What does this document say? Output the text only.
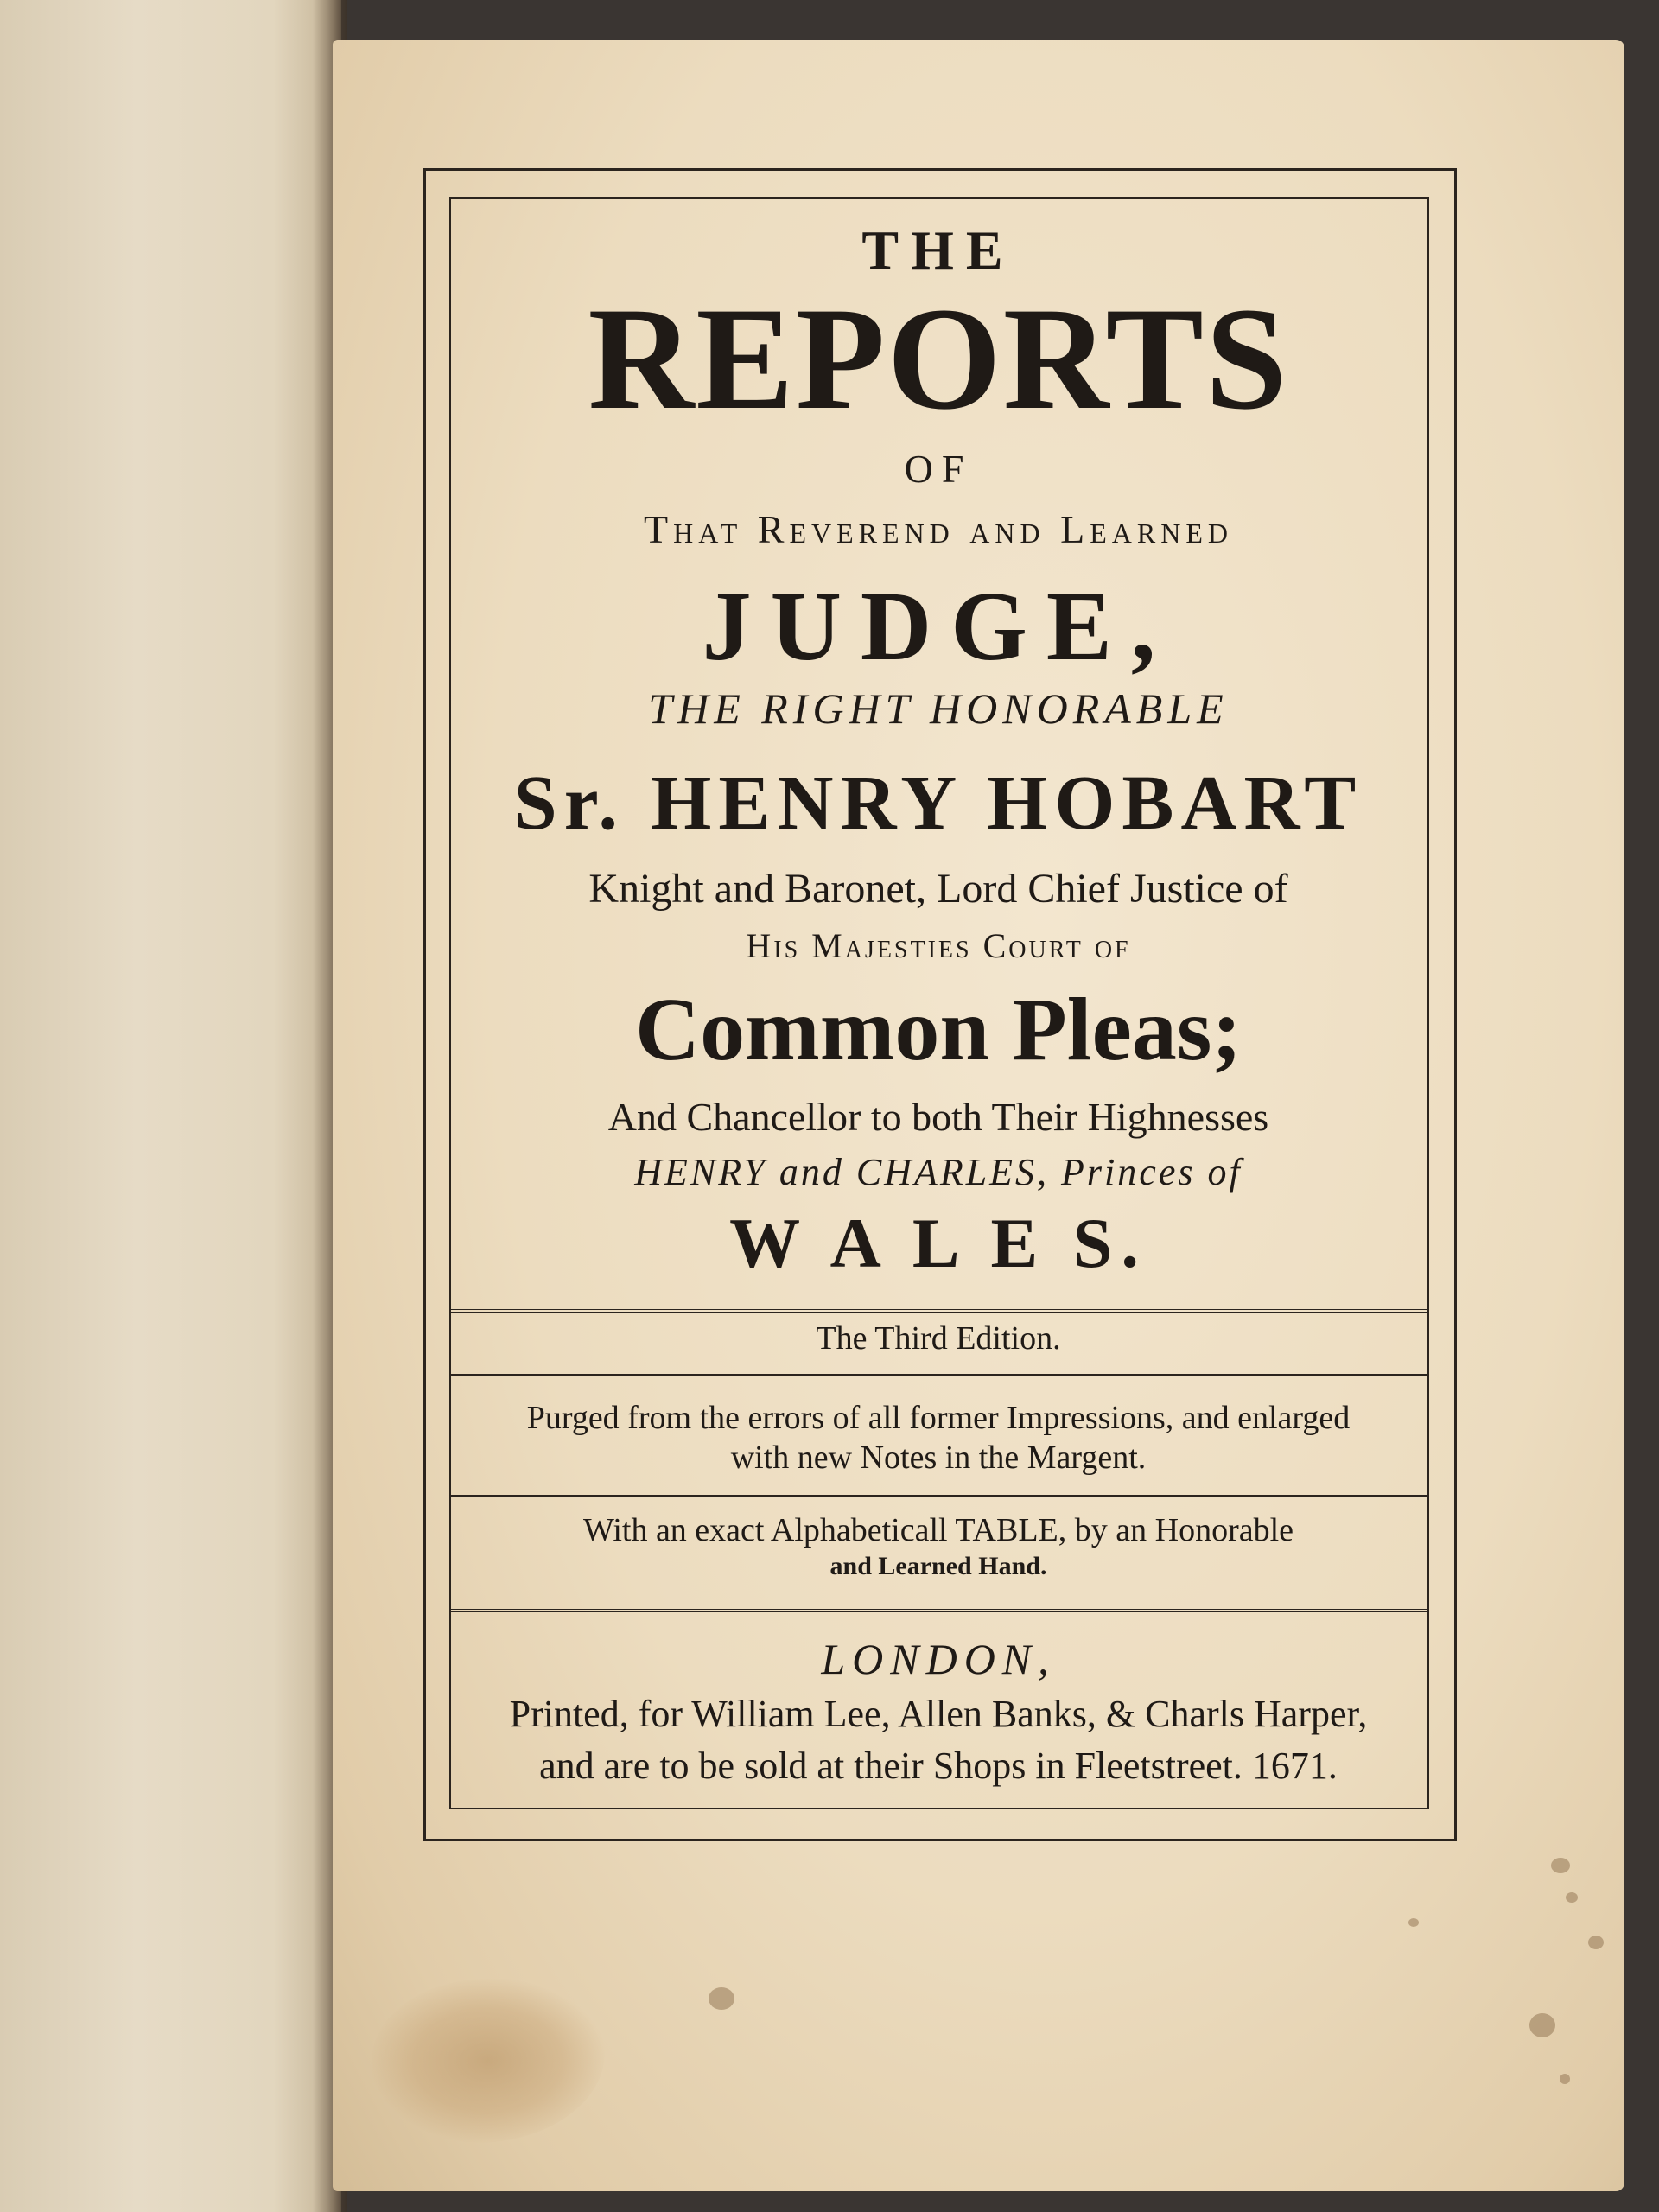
THE
REPORTS
OF
That Reverend and Learned
JUDGE,
THE RIGHT HONORABLE
Sr. HENRY HOBART
Knight and Baronet, Lord Chief Justice of
His Majesties Court of
Common Pleas;
And Chancellor to both Their Highnesses
HENRY and CHARLES, Princes of
W A L E S.
The Third Edition.
Purged from the errors of all former Impressions, and enlarged
with new Notes in the Margent.
With an exact Alphabeticall TABLE, by an Honorable
and Learned Hand.
LONDON,
Printed, for William Lee, Allen Banks, & Charls Harper,
and are to be sold at their Shops in Fleetstreet. 1671.
